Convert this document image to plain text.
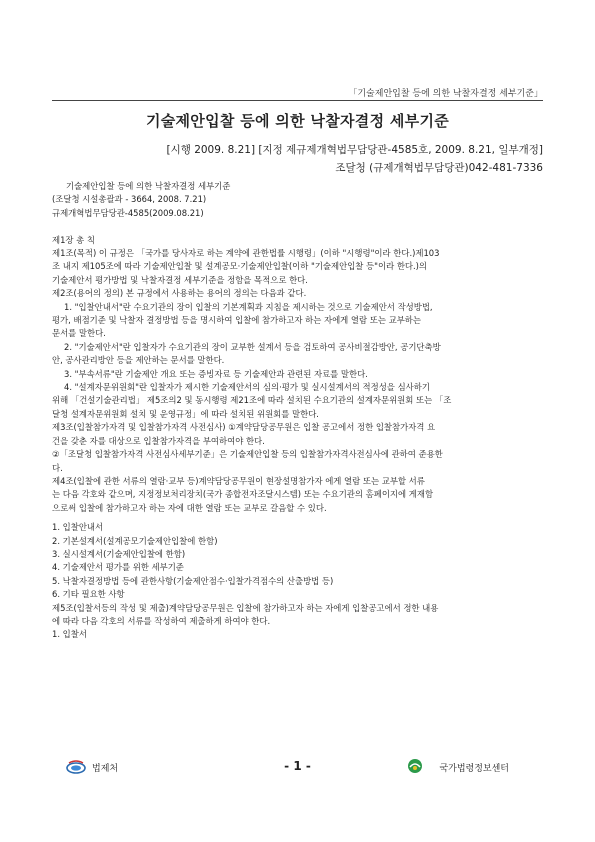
「기술제안입찰 등에 의한 낙찰자결정 세부기준」
기술제안입찰 등에 의한 낙찰자결정 세부기준
[시행 2009. 8.21] [지정 제규제개혁법무담당관-4585호, 2009. 8.21, 일부개정]
조달청 (규제개혁법무담당관)042-481-7336

기술제안입찰 등에 의한 낙찰자결정 세부기준

(조달청 시설총괄과 - 3664, 2008. 7.21)

규제개혁법무담당관-4585(2009.08.21)

제1장 총 칙

제1조(목적) 이 규정은 「국가를 당사자로 하는 계약에 관한법률 시행령」(이하 "시행령"이라 한다.)제103

조 내지 제105조에 따라 기술제안입찰 및 설계공모·기술제안입찰(이하 "기술제안입찰 등"이라 한다.)의

기술제안서 평가방법 및 낙찰자결정 세부기준을 정함을 목적으로 한다.

제2조(용어의 정의) 본 규정에서 사용하는 용어의 정의는 다음과 같다.

1. "입찰안내서"란 수요기관의 장이 입찰의 기본계획과 지침을 제시하는 것으로 기술제안서 작성방법,

평가, 배점기준 및 낙찰자 결정방법 등을 명시하여 입찰에 참가하고자 하는 자에게 열람 또는 교부하는

문서를 말한다.

2. "기술제안서"란 입찰자가 수요기관의 장이 교부한 설계서 등을 검토하여 공사비절감방안, 공기단축방

안, 공사관리방안 등을 제안하는 문서를 말한다.

3. "부속서류"란 기술제안 개요 또는 증빙자료 등 기술제안과 관련된 자료를 말한다.

4. "설계자문위원회"란 입찰자가 제시한 기술제안서의 심의·평가 및 실시설계서의 적정성을 심사하기

위해 「건설기술관리법」 제5조의2 및 동시행령 제21조에 따라 설치된 수요기관의 설계자문위원회 또는 「조

달청 설계자문위원회 설치 및 운영규정」에 따라 설치된 위원회를 말한다.

제3조(입찰참가자격 및 입찰참가자격 사전심사) ①계약담당공무원은 입찰 공고에서 정한 입찰참가자격 요

건을 갖춘 자를 대상으로 입찰참가자격을 부여하여야 한다.

②「조달청 입찰참가자격 사전심사세부기준」은 기술제안입찰 등의 입찰참가자격사전심사에 관하여 준용한

다.

제4조(입찰에 관한 서류의 열람·교부 등)계약담당공무원이 현장설명참가자 에게 열람 또는 교부할 서류

는 다음 각호와 같으며, 지정정보처리장치(국가 종합전자조달시스템) 또는 수요기관의 홈페이지에 게재함

으로써 입찰에 참가하고자 하는 자에 대한 열람 또는 교부로 갈음할 수 있다.

1. 입찰안내서

2. 기본설계서(설계공모기술제안입찰에 한함)

3. 실시설계서(기술제안입찰에 한함)

4. 기술제안서 평가를 위한 세부기준

5. 낙찰자결정방법 등에 관한사항(기술제안점수·입찰가격점수의 산출방법 등)

6. 기타 필요한 사항

제5조(입찰서등의 작성 및 제출)계약담당공무원은 입찰에 참가하고자 하는 자에게 입찰공고에서 정한 내용

에 따라 다음 각호의 서류를 작성하여 제출하게 하여야 한다.

1. 입찰서

법제처	- 1 -	국가법령정보센터
